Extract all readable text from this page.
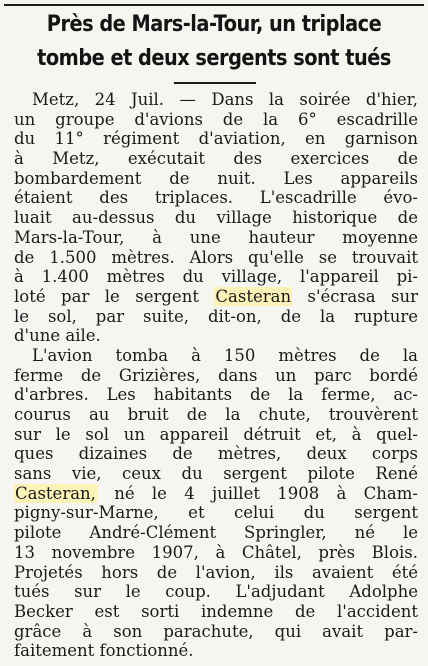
Près de Mars-la-Tour, un triplace
tombe et deux sergents sont tués
Metz, 24 Juil. — Dans la soirée d'hier,
un groupe d'avions de la 6° escadrille
du 11° régiment d'aviation, en garnison
à Metz, exécutait des exercices de
bombardement de nuit. Les appareils
étaient des triplaces. L'escadrille évo-
luait au-dessus du village historique de
Mars-la-Tour, à une hauteur moyenne
de 1.500 mètres. Alors qu'elle se trouvait
à 1.400 mètres du village, l'appareil pi-
loté par le sergent Casteran s'écrasa sur
le sol, par suite, dit-on, de la rupture
d'une aile.
L'avion tomba à 150 mètres de la
ferme de Grizières, dans un parc bordé
d'arbres. Les habitants de la ferme, ac-
courus au bruit de la chute, trouvèrent
sur le sol un appareil détruit et, à quel-
ques dizaines de mètres, deux corps
sans vie, ceux du sergent pilote René
Casteran, né le 4 juillet 1908 à Cham-
pigny-sur-Marne, et celui du sergent
pilote André-Clément Springler, né le
13 novembre 1907, à Châtel, près Blois.
Projetés hors de l'avion, ils avaient été
tués sur le coup. L'adjudant Adolphe
Becker est sorti indemne de l'accident
grâce à son parachute, qui avait par-
faitement fonctionné.
